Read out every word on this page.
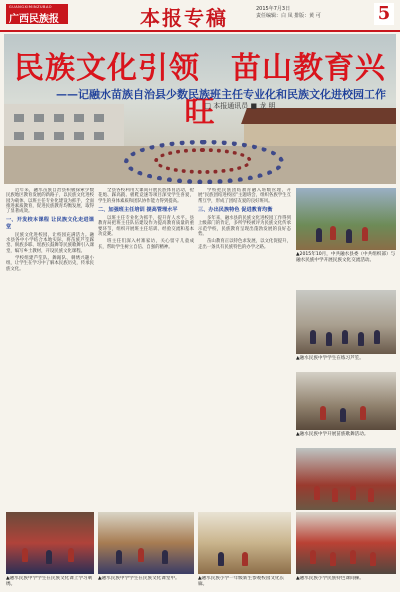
GUANGXIMINZUBAO
广西民族报	本报专稿	2015年7月3日
责任编辑：白 凤 排版：黄 可	5
民族文化引领　苗山教育兴旺
——记融水苗族自治县少数民族班主任专业化和民族文化进校园工作
□ 本报通讯员 ■ 龙 明

近年来，融水苗族自治县积极探索少数民族地区教育发展的新路子，以民族文化进校园为载体，以班主任专业化建设为抓手，全面推进素质教育，促进民族教育均衡发展，取得了显著成效。

一、开发校本课程 让民族文化走进课堂

民族文化进校园，让校园充满活力。融水县各中小学结合本地实际，将苗族芦笙踩堂、侗族多耶、瑶族长鼓舞等民族歌舞引入课堂，编写乡土教材，开设民族文化课程。

学校组建芦笙队、舞蹈队、刺绣兴趣小组，让学生在学习中了解本民族历史，传承民族文化。

全县各校利用大课间开展民族体育活动，抢花炮、踩高跷、板鞋竞速等项目深受学生喜爱，学生的身体素质和团队协作能力得到提高。

二、加强班主任培训 提高管理水平

以班主任专业化为抓手，提升育人水平。县教育局把班主任队伍建设作为提高教育质量的重要环节，组织开展班主任培训、经验交流和基本功竞赛。

班主任们深入村寨家访，关心留守儿童成长，帮助学生树立自信、自强的精神。

学校把民族团结教育融入班级管理，开展“民族团结进校园”主题班会，组织各族学生互帮互学，形成了团结友爱的良好班风。

三、办出民族特色 促进教育均衡

多年来，融水县的民族文化进校园工作得到上级部门的肯定，多所学校被评为民族文化传承示范学校，民族教育呈现出蓬勃发展的良好态势。

苗山教育正以特色求发展，以文化促提升，走出一条具有民族特色的办学之路。

▲2015年10月，中共融水县委（中共组织部）与融水民族中学开展民族文化交流活动。
▲融水民族中学学生在练习芦笙。
▲融水民族中学开展苗族歌舞活动。
▲融水民族中学学生在民族文化课上学习刺绣。
▲融水民族中学学生在民族文化课堂中。	▲融水民族小学一年级新生参观校园文化长廊。
▲融水民族小学民族特色课间操。
